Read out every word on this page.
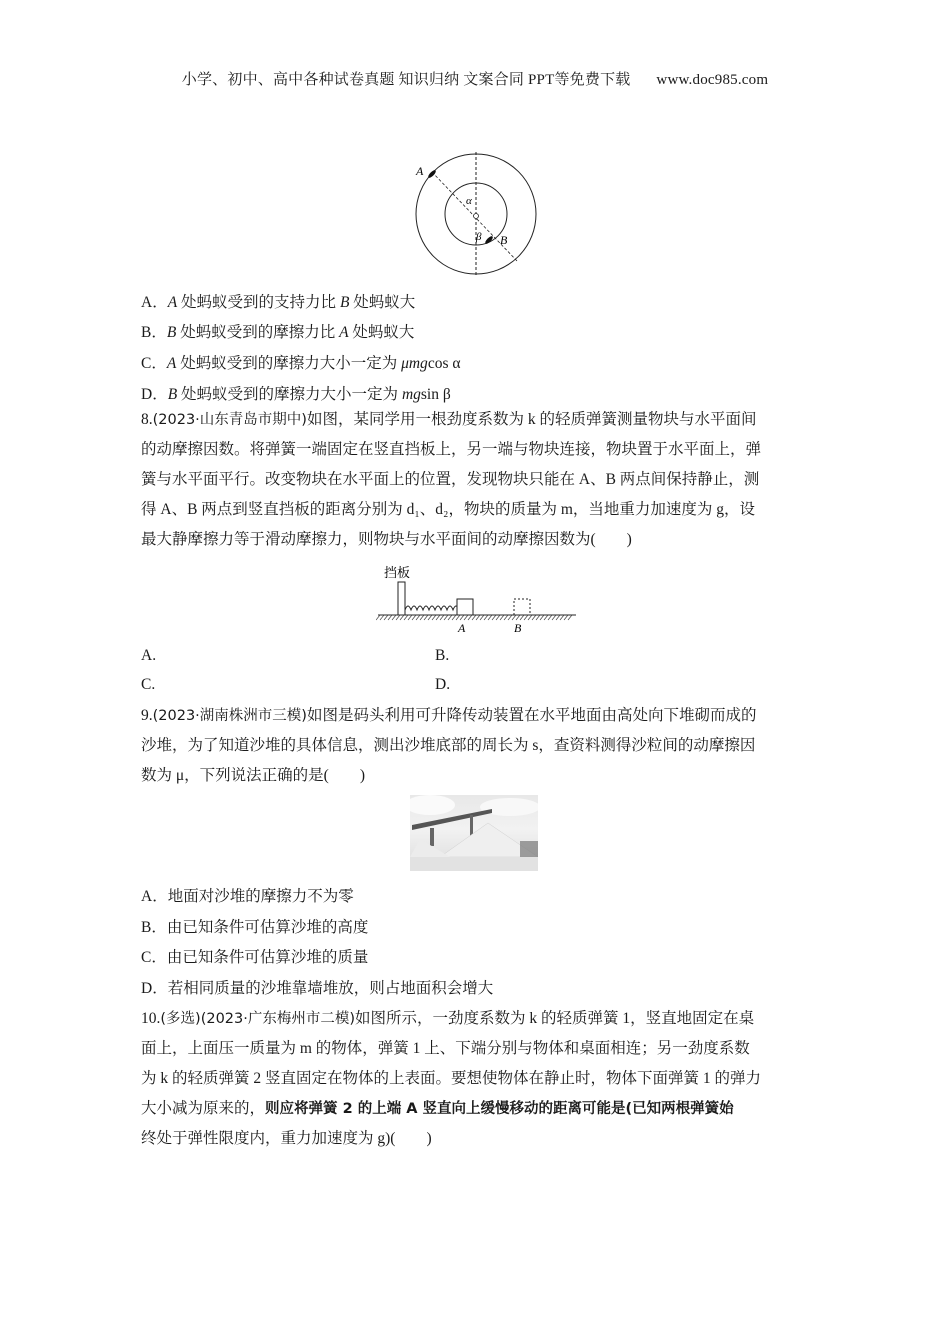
小学、初中、高中各种试卷真题 知识归纳 文案合同 PPT等免费下载 www.doc985.com
A
B
α
β
A．A 处蚂蚁受到的支持力比 B 处蚂蚁大
B．B 处蚂蚁受到的摩擦力比 A 处蚂蚁大
C．A 处蚂蚁受到的摩擦力大小一定为 μmgcos α
D．B 处蚂蚁受到的摩擦力大小一定为 mgsin β
8.(2023·山东青岛市期中)如图，某同学用一根劲度系数为 k 的轻质弹簧测量物块与水平面间
的动摩擦因数。将弹簧一端固定在竖直挡板上，另一端与物块连接，物块置于水平面上，弹
簧与水平面平行。改变物块在水平面上的位置，发现物块只能在 A、B 两点间保持静止，测
得 A、B 两点到竖直挡板的距离分别为 d₁、d₂，物块的质量为 m，当地重力加速度为 g，设
最大静摩擦力等于滑动摩擦力，则物块与水平面间的动摩擦因数为(　　)
挡板
A	B
A.	B.
C.	D.
9.(2023·湖南株洲市三模)如图是码头利用可升降传动装置在水平地面由高处向下堆砌而成的
沙堆，为了知道沙堆的具体信息，测出沙堆底部的周长为 s，查资料测得沙粒间的动摩擦因
数为 μ，下列说法正确的是(　　)
A．地面对沙堆的摩擦力不为零
B．由已知条件可估算沙堆的高度
C．由已知条件可估算沙堆的质量
D．若相同质量的沙堆靠墙堆放，则占地面积会增大
10.(多选)(2023·广东梅州市二模)如图所示，一劲度系数为 k 的轻质弹簧 1，竖直地固定在桌
面上，上面压一质量为 m 的物体，弹簧 1 上、下端分别与物体和桌面相连；另一劲度系数
为 k 的轻质弹簧 2 竖直固定在物体的上表面。要想使物体在静止时，物体下面弹簧 1 的弹力
大小减为原来的，则应将弹簧 2 的上端 A 竖直向上缓慢移动的距离可能是(已知两根弹簧始
终处于弹性限度内，重力加速度为 g)(　　)
